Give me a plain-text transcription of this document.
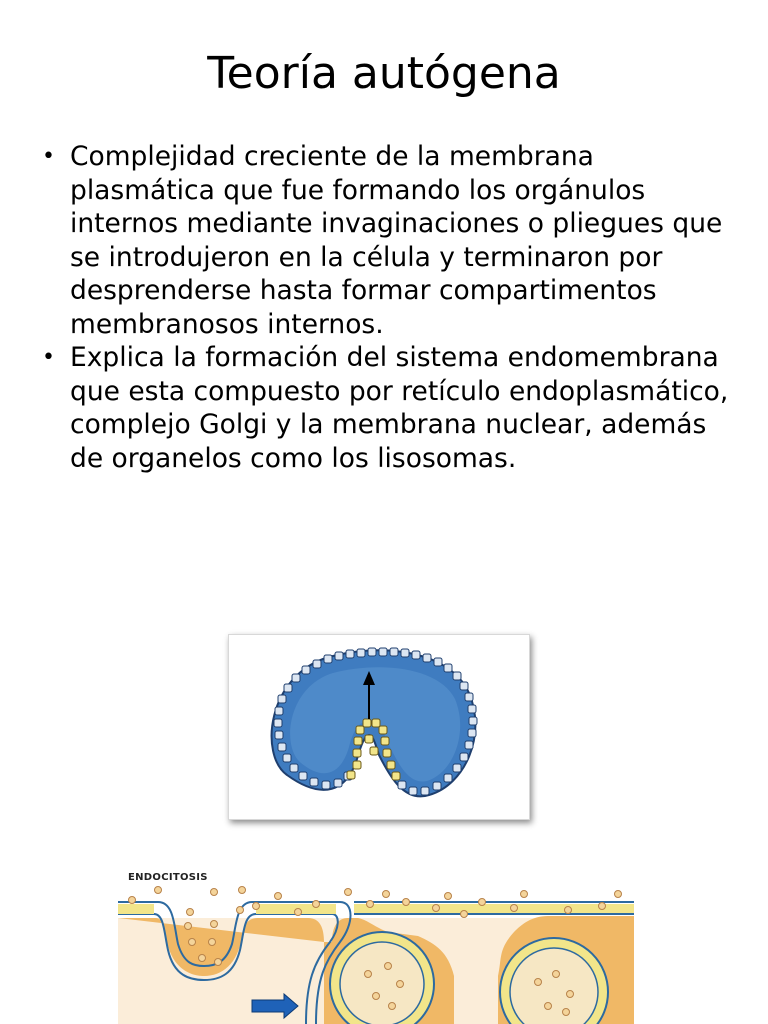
Teoría autógena
• Complejidad creciente de la membrana plasmática que fue formando los orgánulos internos mediante invaginaciones o pliegues que se introdujeron en la célula y terminaron por desprenderse hasta formar compartimentos membranosos internos.
• Explica la formación del sistema endomembrana que esta compuesto por retículo endoplasmático, complejo Golgi y la membrana nuclear, además de organelos como los lisosomas.
ENDOCITOSIS
